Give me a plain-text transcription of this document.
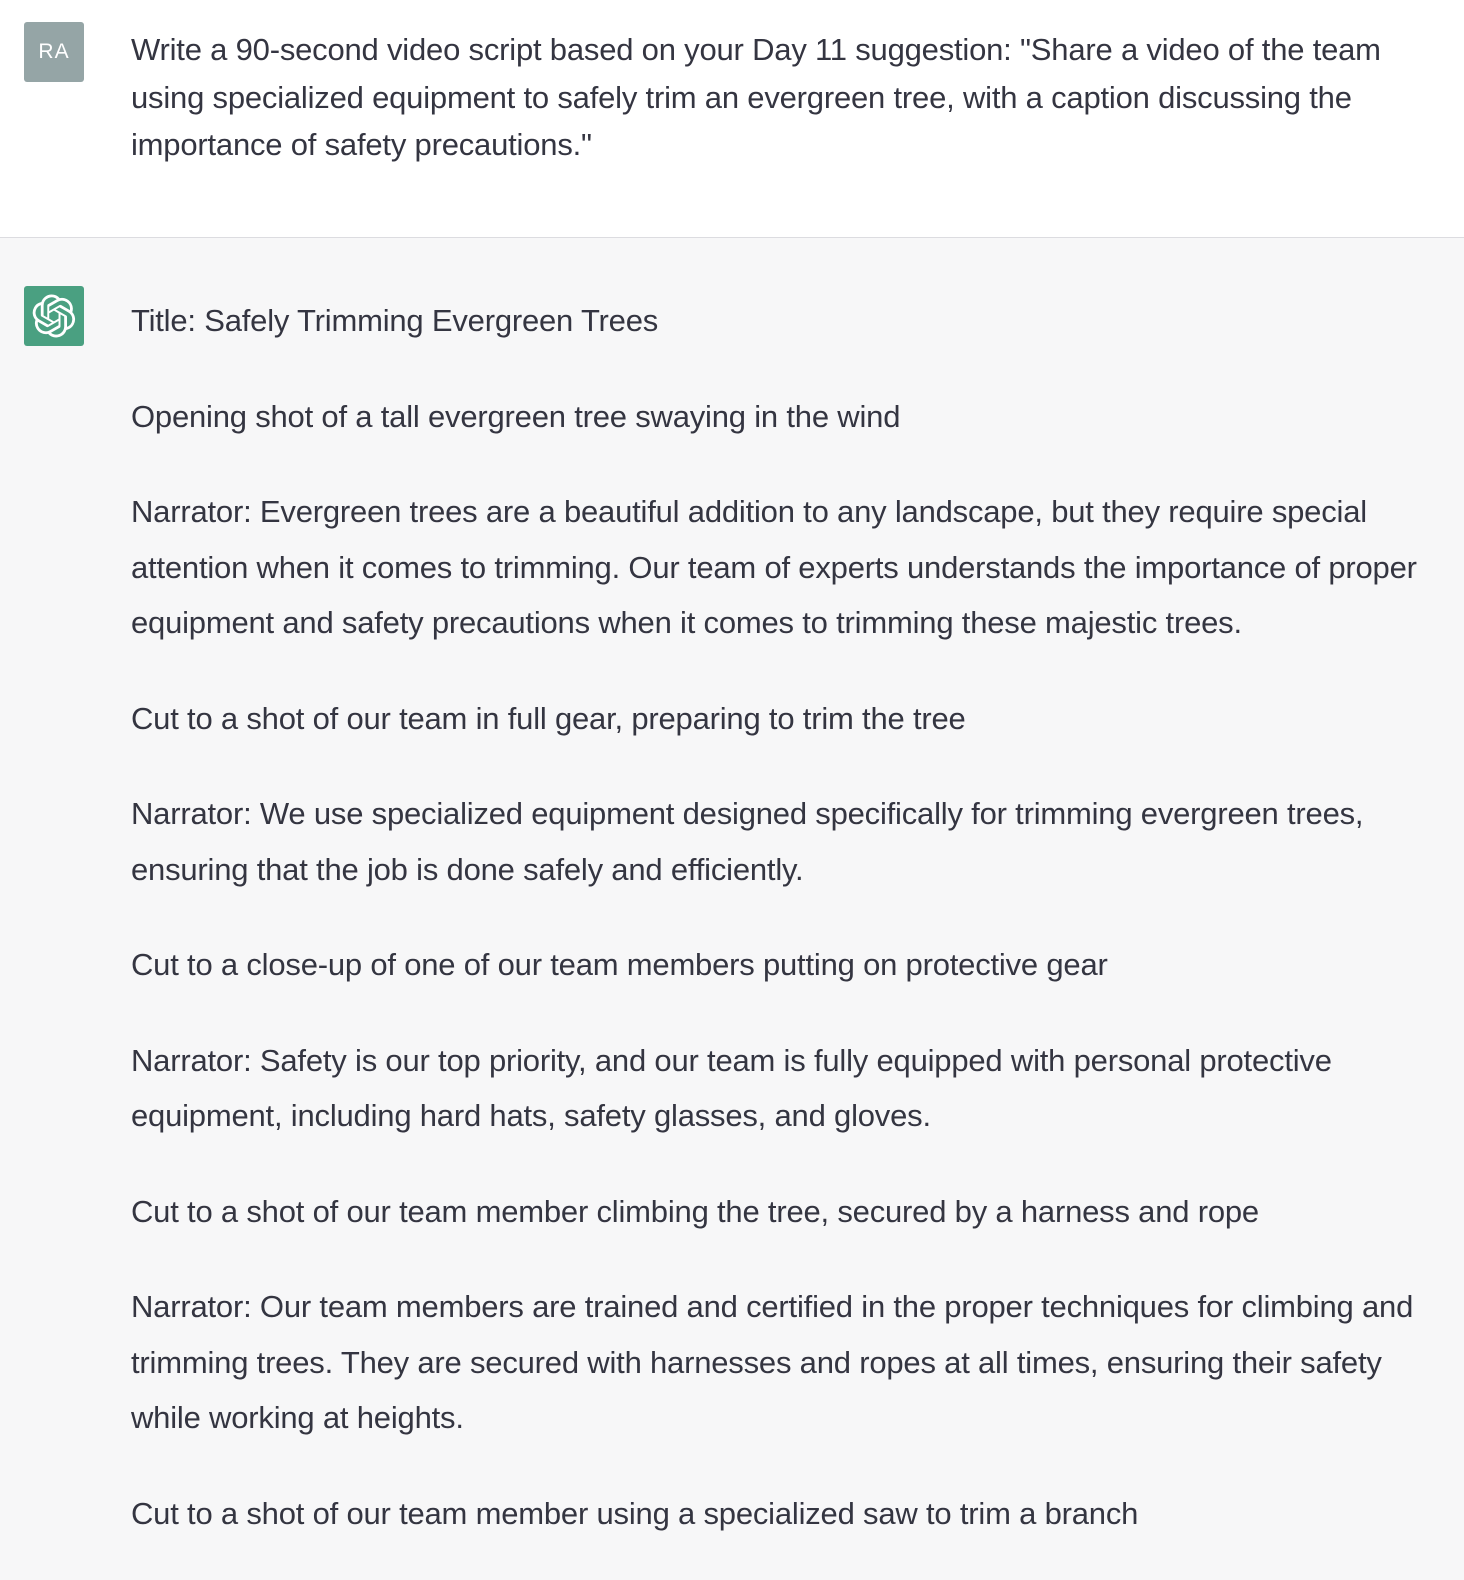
RA	Write a 90-second video script based on your Day 11 suggestion: "Share a video of the team using specialized equipment to safely trim an evergreen tree, with a caption discussing the importance of safety precautions."

Title: Safely Trimming Evergreen Trees

Opening shot of a tall evergreen tree swaying in the wind

Narrator: Evergreen trees are a beautiful addition to any landscape, but they require special attention when it comes to trimming. Our team of experts understands the importance of proper equipment and safety precautions when it comes to trimming these majestic trees.

Cut to a shot of our team in full gear, preparing to trim the tree

Narrator: We use specialized equipment designed specifically for trimming evergreen trees, ensuring that the job is done safely and efficiently.

Cut to a close-up of one of our team members putting on protective gear

Narrator: Safety is our top priority, and our team is fully equipped with personal protective equipment, including hard hats, safety glasses, and gloves.

Cut to a shot of our team member climbing the tree, secured by a harness and rope

Narrator: Our team members are trained and certified in the proper techniques for climbing and trimming trees. They are secured with harnesses and ropes at all times, ensuring their safety while working at heights.

Cut to a shot of our team member using a specialized saw to trim a branch
